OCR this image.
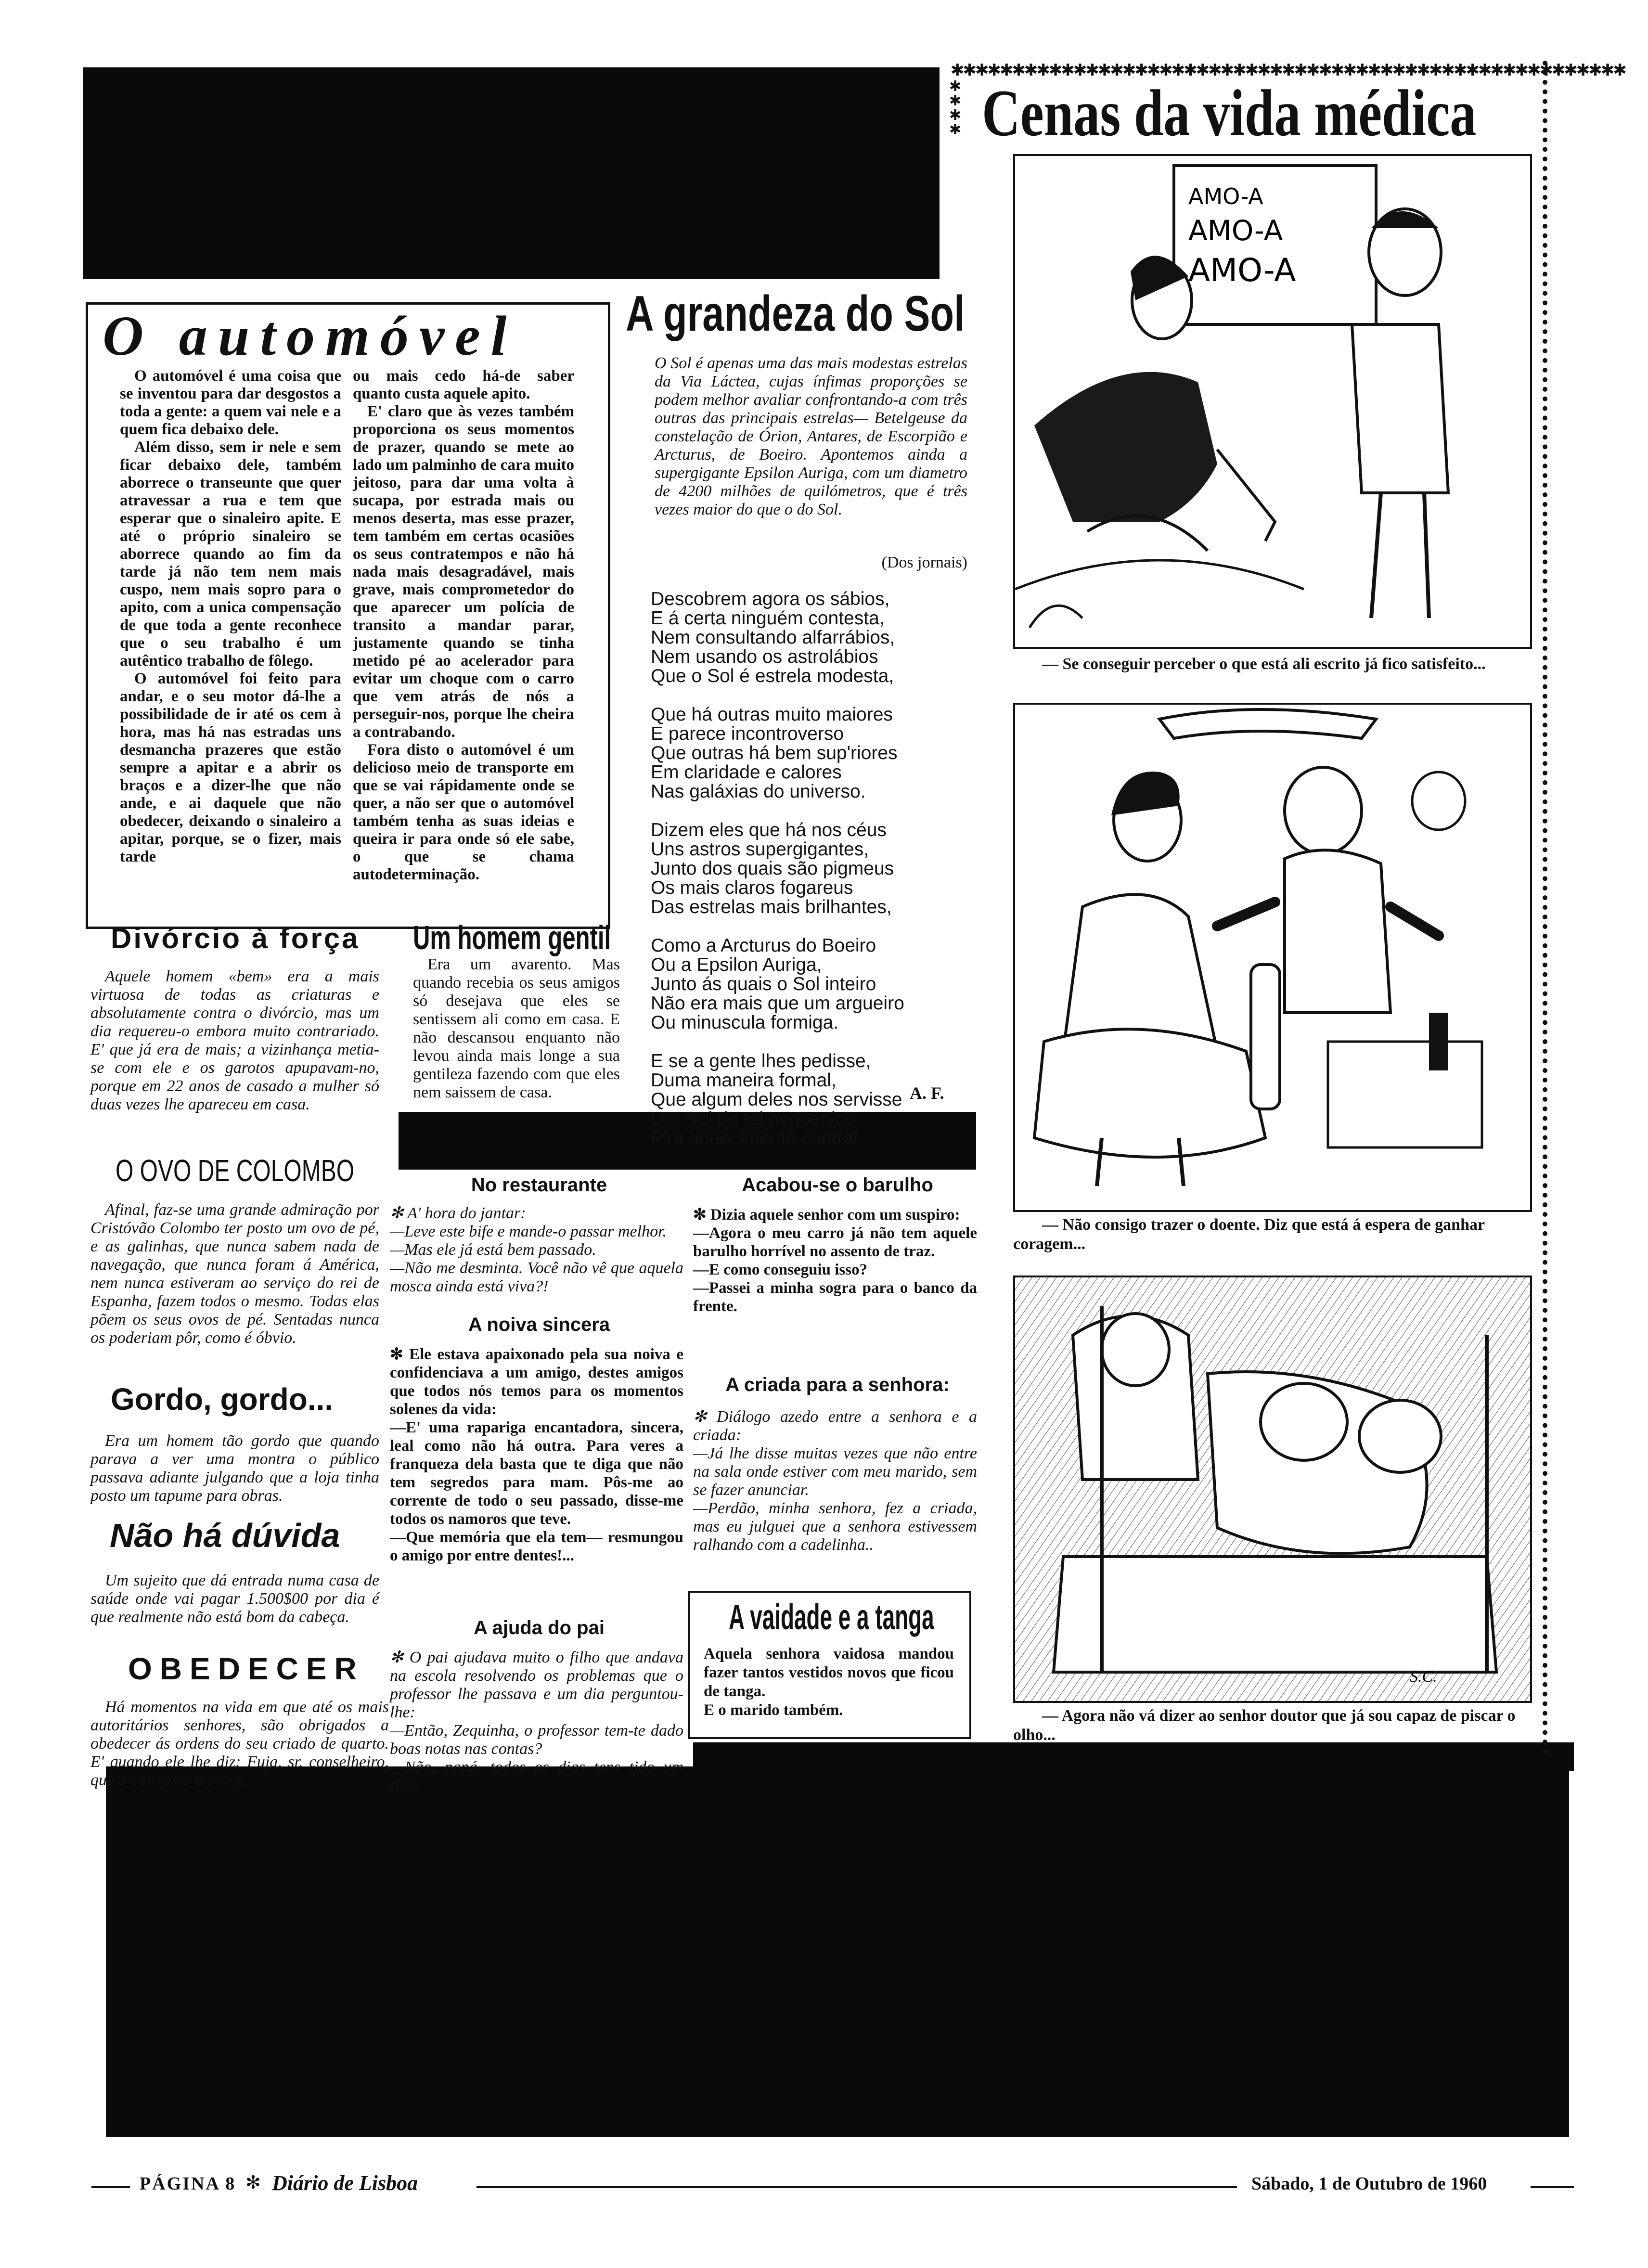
O automóvel

O automóvel é uma coisa que se inventou para dar desgostos a toda a gente: a quem vai nele e a quem fica debaixo dele.

Além disso, sem ir nele e sem ficar debaixo dele, também aborrece o transeunte que quer atravessar a rua e tem que esperar que o sinaleiro apite. E até o próprio sinaleiro se aborrece quando ao fim da tarde já não tem nem mais cuspo, nem mais sopro para o apito, com a unica compensação de que toda a gente reconhece que o seu trabalho é um autêntico trabalho de fôlego.

O automóvel foi feito para andar, e o seu motor dá-lhe a possibilidade de ir até os cem à hora, mas há nas estradas uns desmancha prazeres que estão sempre a apitar e a abrir os braços e a dizer-lhe que não ande, e ai daquele que não obedecer, deixando o sinaleiro a apitar, porque, se o fizer, mais tarde

ou mais cedo há-de saber quanto custa aquele apito.

E' claro que às vezes também proporciona os seus momentos de prazer, quando se mete ao lado um palminho de cara muito jeitoso, para dar uma volta à sucapa, por estrada mais ou menos deserta, mas esse prazer, tem também em certas ocasiões os seus contratempos e não há nada mais desagradável, mais grave, mais comprometedor do que aparecer um polícia de transito a mandar parar, justamente quando se tinha metido pé ao acelerador para evitar um choque com o carro que vem atrás de nós a perseguir-nos, porque lhe cheira a contrabando.

Fora disto o automóvel é um delicioso meio de transporte em que se vai rápidamente onde se quer, a não ser que o automóvel também tenha as suas ideias e queira ir para onde só ele sabe, o que se chama autodeterminação.

A grandeza do Sol
O Sol é apenas uma das mais modestas estrelas da Via Láctea, cujas ínfimas proporções se podem melhor avaliar confrontando-a com três outras das principais estrelas— Betelgeuse da constelação de Órion, Antares, de Escorpião e Arcturus, de Boeiro. Apontemos ainda a supergigante Epsilon Auriga, com um diametro de 4200 milhões de quilómetros, que é três vezes maior do que o do Sol.
(Dos jornais)
Descobrem agora os sábios,
E á certa ninguém contesta,
Nem consultando alfarrábios,
Nem usando os astrolábios
Que o Sol é estrela modesta,
Que há outras muito maiores
E parece incontroverso
Que outras há bem sup'riores
Em claridade e calores
Nas galáxias do universo.
Dizem eles que há nos céus
Uns astros supergigantes,
Junto dos quais são pigmeus
Os mais claros fogareus
Das estrelas mais brilhantes,
Como a Arcturus do Boeiro
Ou a Epsilon Auriga,
Junto ás quais o Sol inteiro
Não era mais que um argueiro
Ou minuscula formiga.
E se a gente lhes pedisse,
Duma maneira formal,
Que algum deles nos servisse
Um Sol de tal pequenice
P'ra aquecimento central.
A. F.
Divórcio à força
Aquele homem «bem» era a mais virtuosa de todas as criaturas e absolutamente contra o divórcio, mas um dia requereu-o embora muito contrariado. E' que já era de mais; a vizinhança metia-se com ele e os garotos apupavam-no, porque em 22 anos de casado a mulher só duas vezes lhe apareceu em casa.
Um homem gentil
Era um avarento. Mas quando recebia os seus amigos só desejava que eles se sentissem ali como em casa. E não descansou enquanto não levou ainda mais longe a sua gentileza fazendo com que eles nem saissem de casa.
O OVO DE COLOMBO
Afinal, faz-se uma grande admiração por Cristóvão Colombo ter posto um ovo de pé, e as galinhas, que nunca sabem nada de navegação, que nunca foram á América, nem nunca estiveram ao serviço do rei de Espanha, fazem todos o mesmo. Todas elas põem os seus ovos de pé. Sentadas nunca os poderiam pôr, como é óbvio.
Gordo, gordo...
Era um homem tão gordo que quando parava a ver uma montra o público passava adiante julgando que a loja tinha posto um tapume para obras.
Não há dúvida
Um sujeito que dá entrada numa casa de saúde onde vai pagar 1.500$00 por dia é que realmente não está bom da cabeça.
OBEDECER
Há momentos na vida em que até os mais autoritários senhores, são obrigados a obedecer ás ordens do seu criado de quarto. E' quando ele lhe diz: Fuja, sr. conselheiro, que a casa está a arder.
No restaurante
✻ A' hora do jantar:
—Leve este bife e mande-o passar melhor.
—Mas ele já está bem passado.
—Não me desminta. Você não vê que aquela mosca ainda está viva?!
A noiva sincera
✻ Ele estava apaixonado pela sua noiva e confidenciava a um amigo, destes amigos que todos nós temos para os momentos solenes da vida:
—E' uma rapariga encantadora, sincera, leal como não há outra. Para veres a franqueza dela basta que te diga que não tem segredos para mam. Pôs-me ao corrente de todo o seu passado, disse-me todos os namoros que teve.
—Que memória que ela tem— resmungou o amigo por entre dentes!...
A ajuda do pai
✻ O pai ajudava muito o filho que andava na escola resolvendo os problemas que o professor lhe passava e um dia perguntou-lhe:
—Então, Zequinha, o professor tem-te dado boas notas nas contas?
—Não, papá, todos os dias tens tido um zero.
Acabou-se o barulho
✻ Dizia aquele senhor com um suspiro:
—Agora o meu carro já não tem aquele barulho horrível no assento de traz.
—E como conseguiu isso?
—Passei a minha sogra para o banco da frente.
A criada para a senhora:
✻ Diálogo azedo entre a senhora e a criada:
—Já lhe disse muitas vezes que não entre na sala onde estiver com meu marido, sem se fazer anunciar.
—Perdão, minha senhora, fez a criada, mas eu julguei que a senhora estivessem ralhando com a cadelinha..
A vaidade e a tanga
Aquela senhora vaidosa mandou fazer tantos vestidos novos que ficou de tanga.
E o marido também.
✱✱✱✱✱✱✱✱✱✱✱✱✱✱✱✱✱✱✱✱✱✱✱✱✱✱✱✱✱✱✱✱✱✱✱✱✱✱✱✱✱✱✱✱✱✱✱✱✱✱✱✱✱✱✱
✱
✱
✱
✱ Cenas da vida médica
AMO-A
AMO-A
AMO-A
— Se conseguir perceber o que está ali escrito já fico satisfeito...
— Não consigo trazer o doente. Diz que está á espera de ganhar coragem...
S.C.
— Agora não vá dizer ao senhor doutor que já sou capaz de piscar o olho...
PÁGINA 8 ✻ Diário de Lisboa	Sábado, 1 de Outubro de 1960
